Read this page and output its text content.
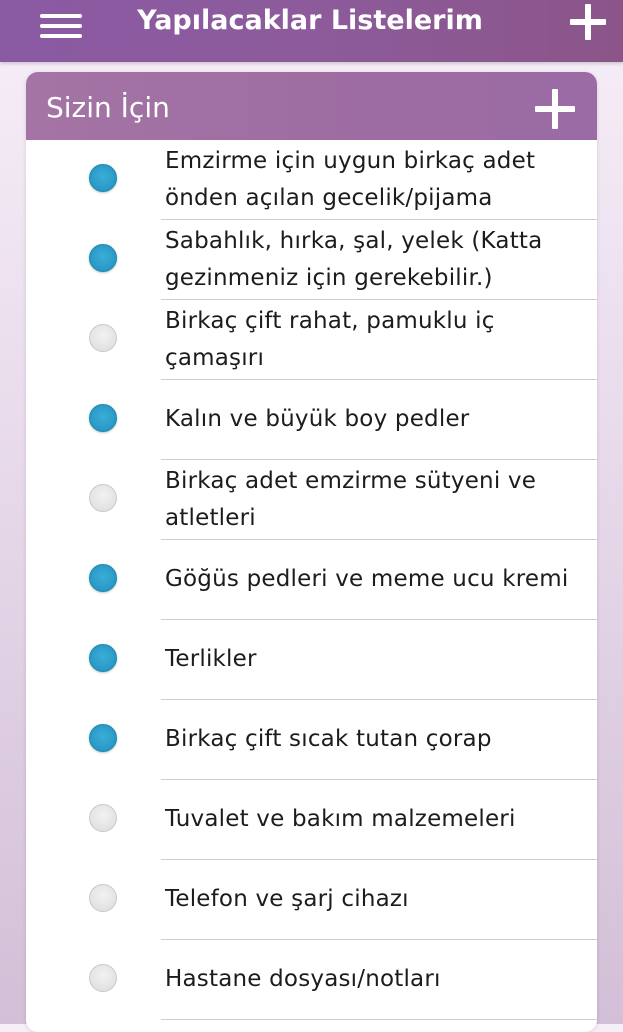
Yapılacaklar Listelerim
Sizin İçin
Emzirme için uygun birkaç adet önden açılan gecelik/pijama
Sabahlık, hırka, şal, yelek (Katta gezinmeniz için gerekebilir.)
Birkaç çift rahat, pamuklu iç çamaşırı
Kalın ve büyük boy pedler
Birkaç adet emzirme sütyeni ve atletleri
Göğüs pedleri ve meme ucu kremi
Terlikler
Birkaç çift sıcak tutan çorap
Tuvalet ve bakım malzemeleri
Telefon ve şarj cihazı
Hastane dosyası/notları
